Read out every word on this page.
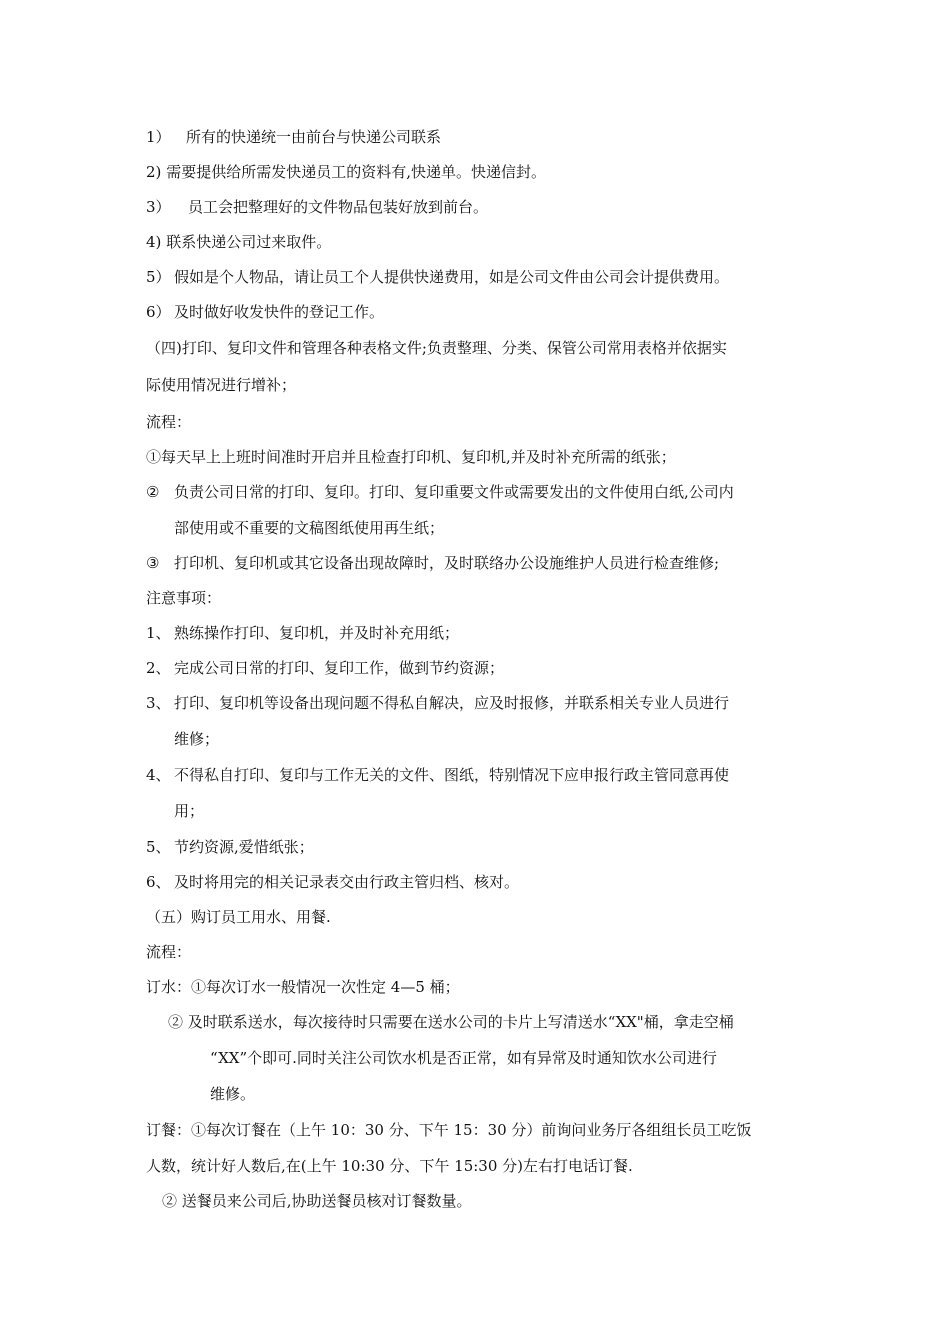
1） 所有的快递统一由前台与快递公司联系
2) 需要提供给所需发快递员工的资料有,快递单。快递信封。
3） 员工会把整理好的文件物品包装好放到前台。
4) 联系快递公司过来取件。
5） 假如是个人物品，请让员工个人提供快递费用，如是公司文件由公司会计提供费用。
6） 及时做好收发快件的登记工作。
（四)打印、复印文件和管理各种表格文件;负责整理、分类、保管公司常用表格并依据实
际使用情况进行增补；
流程：
①每天早上上班时间准时开启并且检查打印机、复印机,并及时补充所需的纸张；
② 负责公司日常的打印、复印。打印、复印重要文件或需要发出的文件使用白纸,公司内
部使用或不重要的文稿图纸使用再生纸；
③ 打印机、复印机或其它设备出现故障时，及时联络办公设施维护人员进行检查维修;
注意事项：
1、 熟练操作打印、复印机，并及时补充用纸；
2、 完成公司日常的打印、复印工作，做到节约资源；
3、 打印、复印机等设备出现问题不得私自解决，应及时报修，并联系相关专业人员进行
维修；
4、 不得私自打印、复印与工作无关的文件、图纸，特别情况下应申报行政主管同意再使
用；
5、 节约资源,爱惜纸张；
6、 及时将用完的相关记录表交由行政主管归档、核对。
（五）购订员工用水、用餐.
流程：
订水：①每次订水一般情况一次性定 4—5 桶；
② 及时联系送水，每次接待时只需要在送水公司的卡片上写清送水“XX"桶，拿走空桶
“XX”个即可.同时关注公司饮水机是否正常，如有异常及时通知饮水公司进行
维修。
订餐：①每次订餐在（上午 10：30 分、下午 15：30 分）前询问业务厅各组组长员工吃饭
人数，统计好人数后,在(上午 10:30 分、下午 15:30 分)左右打电话订餐.
② 送餐员来公司后,协助送餐员核对订餐数量。
